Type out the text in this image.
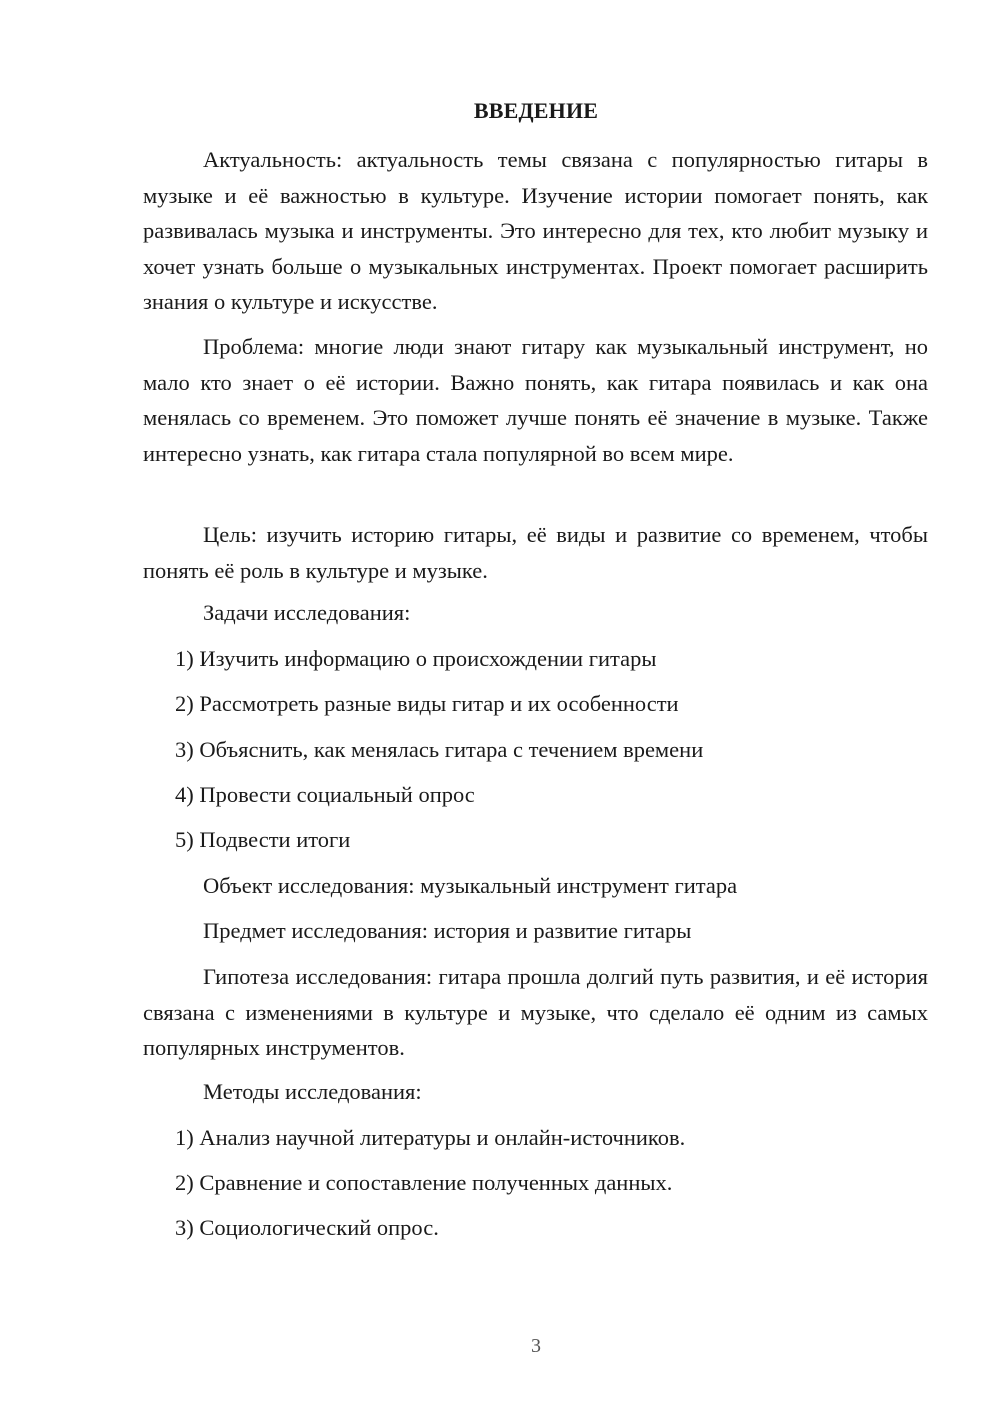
ВВЕДЕНИЕ

Актуальность: актуальность темы связана с популярностью гитары в музыке и её важностью в культуре. Изучение истории помогает понять, как развивалась музыка и инструменты. Это интересно для тех, кто любит музыку и хочет узнать больше о музыкальных инструментах. Проект помогает расширить знания о культуре и искусстве.

Проблема: многие люди знают гитару как музыкальный инструмент, но мало кто знает о её истории. Важно понять, как гитара появилась и как она менялась со временем. Это поможет лучше понять её значение в музыке. Также интересно узнать, как гитара стала популярной во всем мире.

Цель: изучить историю гитары, её виды и развитие со временем, чтобы понять её роль в культуре и музыке.

Задачи исследования:
1) Изучить информацию о происхождении гитары
2) Рассмотреть разные виды гитар и их особенности
3) Объяснить, как менялась гитара с течением времени
4) Провести социальный опрос
5) Подвести итоги
Объект исследования: музыкальный инструмент гитара
Предмет исследования: история и развитие гитары

Гипотеза исследования: гитара прошла долгий путь развития, и её история связана с изменениями в культуре и музыке, что сделало её одним из самых популярных инструментов.

Методы исследования:
1) Анализ научной литературы и онлайн-источников.
2) Сравнение и сопоставление полученных данных.
3) Социологический опрос.
3
